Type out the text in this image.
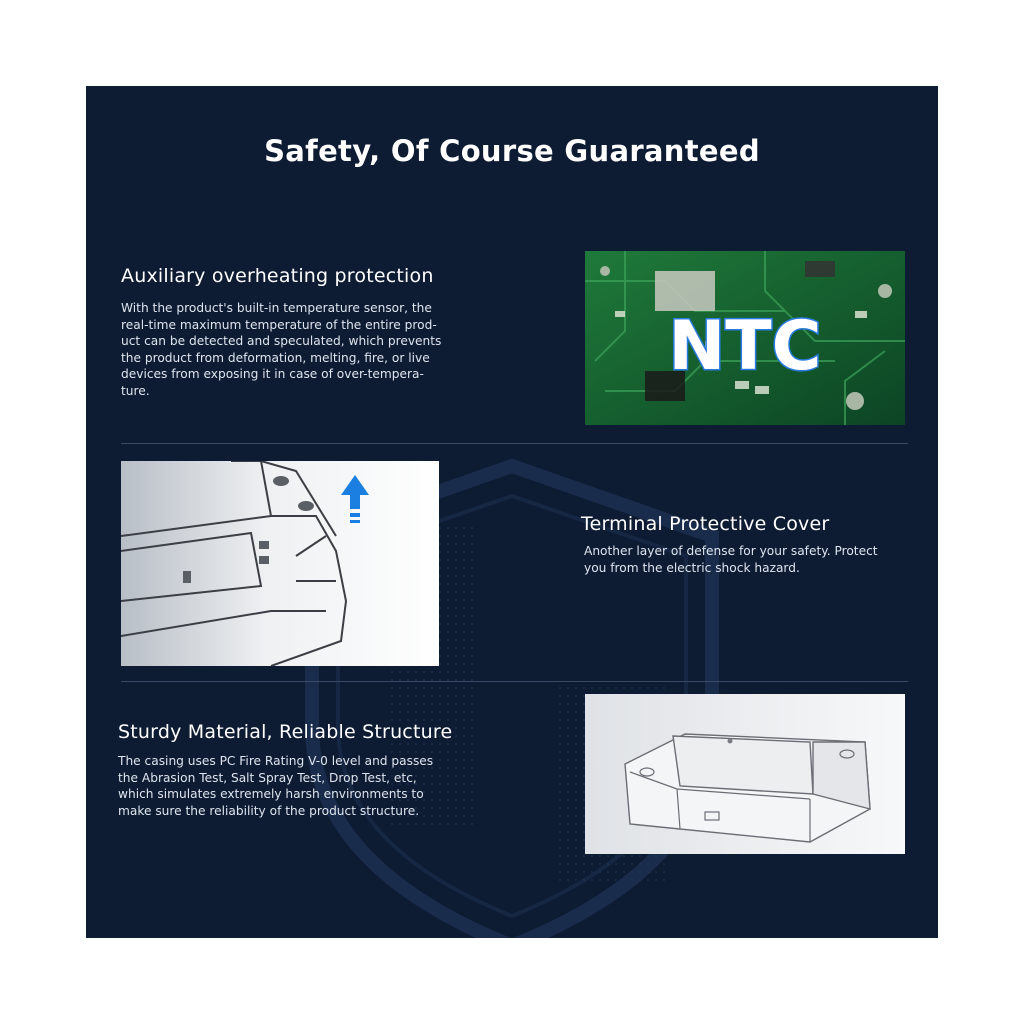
Safety, Of Course Guaranteed
Auxiliary overheating protection
With the product's built-in temperature sensor, the
real-time maximum temperature of the entire prod-
uct can be detected and speculated, which prevents
the product from deformation, melting, fire, or live
devices from exposing it in case of over-tempera-
ture.
NTC
Terminal Protective Cover
Another layer of defense for your safety. Protect
you from the electric shock hazard.
Sturdy Material, Reliable Structure
The casing uses PC Fire Rating V-0 level and passes
the Abrasion Test, Salt Spray Test, Drop Test, etc,
which simulates extremely harsh environments to
make sure the reliability of the product structure.
